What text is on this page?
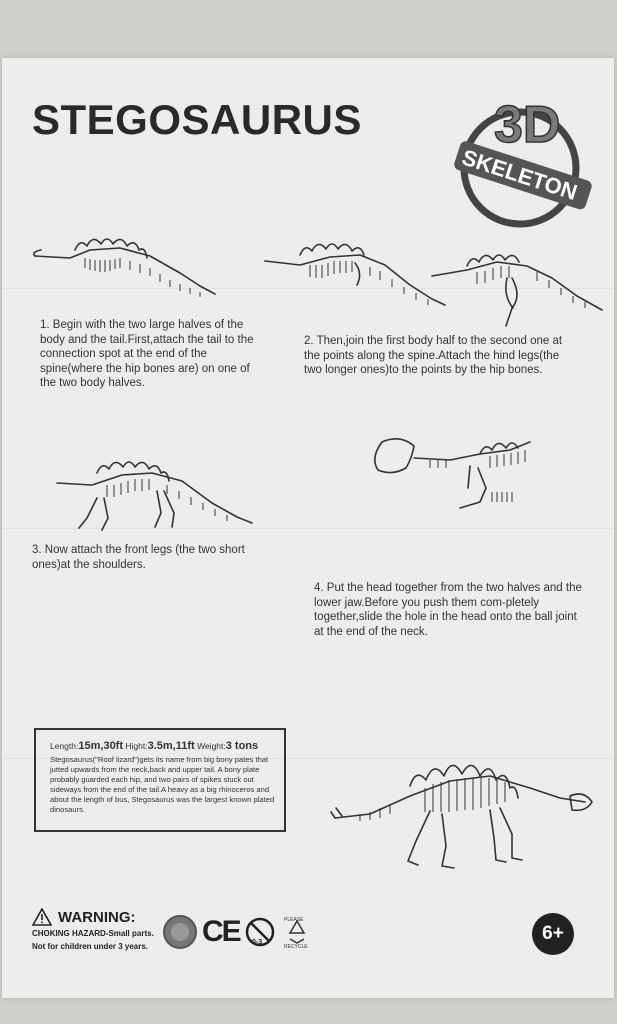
STEGOSAURUS	3D
SKELETON
1. Begin with the two large halves of the body and the tail.First,attach the tail to the connection spot at the end of the spine(where the hip bones are) on one of the two body halves.
2. Then,join the first body half to the second one at the points along the spine.Attach the hind legs(the two longer ones)to the points by the hip bones.
3. Now attach the front legs (the two short ones)at the shoulders.
4. Put the head together from the two halves and the lower jaw.Before you push them com-pletely together,slide the hole in the head onto the ball joint at the end of the neck.
Length:15m,30ft Hight:3.5m,11ft Weight:3 tons
Stegosaurus("Roof lizard")gets its name from big bony pates that jutted upwards from the neck,back and upper tail. A bony plate probably guarded each hip, and two pairs of spikes stuck out sideways from the end of the tail.A heavy as a big rhinoceros and about the length of bus, Stegosaurus was the largest known plated dinosaurs.
WARNING:
CHOKING HAZARD-Small parts.
Not for children under 3 years. CE 0-3
PLEASE
RECYCLE
6+
